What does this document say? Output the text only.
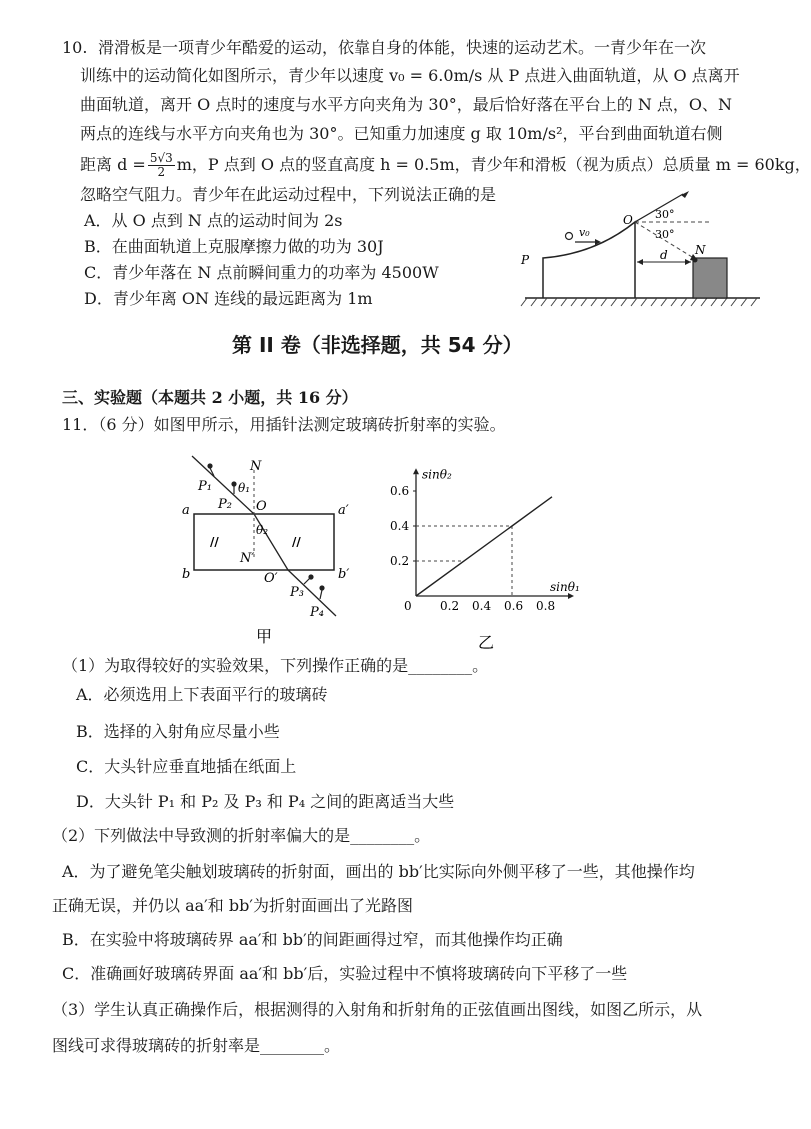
10. 滑滑板是一项青少年酷爱的运动，依靠自身的体能，快速的运动艺术。一青少年在一次
训练中的运动简化如图所示，青少年以速度 v₀ = 6.0m/s 从 P 点进入曲面轨道，从 O 点离开
曲面轨道，离开 O 点时的速度与水平方向夹角为 30°，最后恰好落在平台上的 N 点，O、N
两点的连线与水平方向夹角也为 30°。已知重力加速度 g 取 10m/s²，平台到曲面轨道右侧
距离 $d = \frac{5√3}{2}$ m，P 点到 O 点的竖直高度 h = 0.5m，青少年和滑板（视为质点）总质量 m = 60kg，
忽略空气阻力。青少年在此运动过程中，下列说法正确的是
A．从 O 点到 N 点的运动时间为 2s
B．在曲面轨道上克服摩擦力做的功为 30J
C．青少年落在 N 点前瞬间重力的功率为 4500W
D．青少年离 ON 连线的最远距离为 1m
v₀
P
O
N
d
30°
30°
第 II 卷（非选择题，共 54 分）
三、实验题（本题共 2 小题，共 16 分）
11．（6 分）如图甲所示，用插针法测定玻璃砖折射率的实验。
P₁
P₂
P₃
P₄
N
N′
O
O′
a	a′
b	b′
θ₁
θ₂
//	//
甲
sinθ₂
sinθ₁
0 0.2 0.4 0.6 0.8
0.2
0.4
0.6
乙
（1）为取得较好的实验效果，下列操作正确的是________。
A．必须选用上下表面平行的玻璃砖
B．选择的入射角应尽量小些
C．大头针应垂直地插在纸面上
D．大头针 P₁ 和 P₂ 及 P₃ 和 P₄ 之间的距离适当大些
（2）下列做法中导致测的折射率偏大的是________。
A．为了避免笔尖触划玻璃砖的折射面，画出的 bb′比实际向外侧平移了一些，其他操作均
正确无误，并仍以 aa′和 bb′为折射面画出了光路图
B．在实验中将玻璃砖界 aa′和 bb′的间距画得过窄，而其他操作均正确
C．准确画好玻璃砖界面 aa′和 bb′后，实验过程中不慎将玻璃砖向下平移了一些
（3）学生认真正确操作后，根据测得的入射角和折射角的正弦值画出图线，如图乙所示，从
图线可求得玻璃砖的折射率是________。
